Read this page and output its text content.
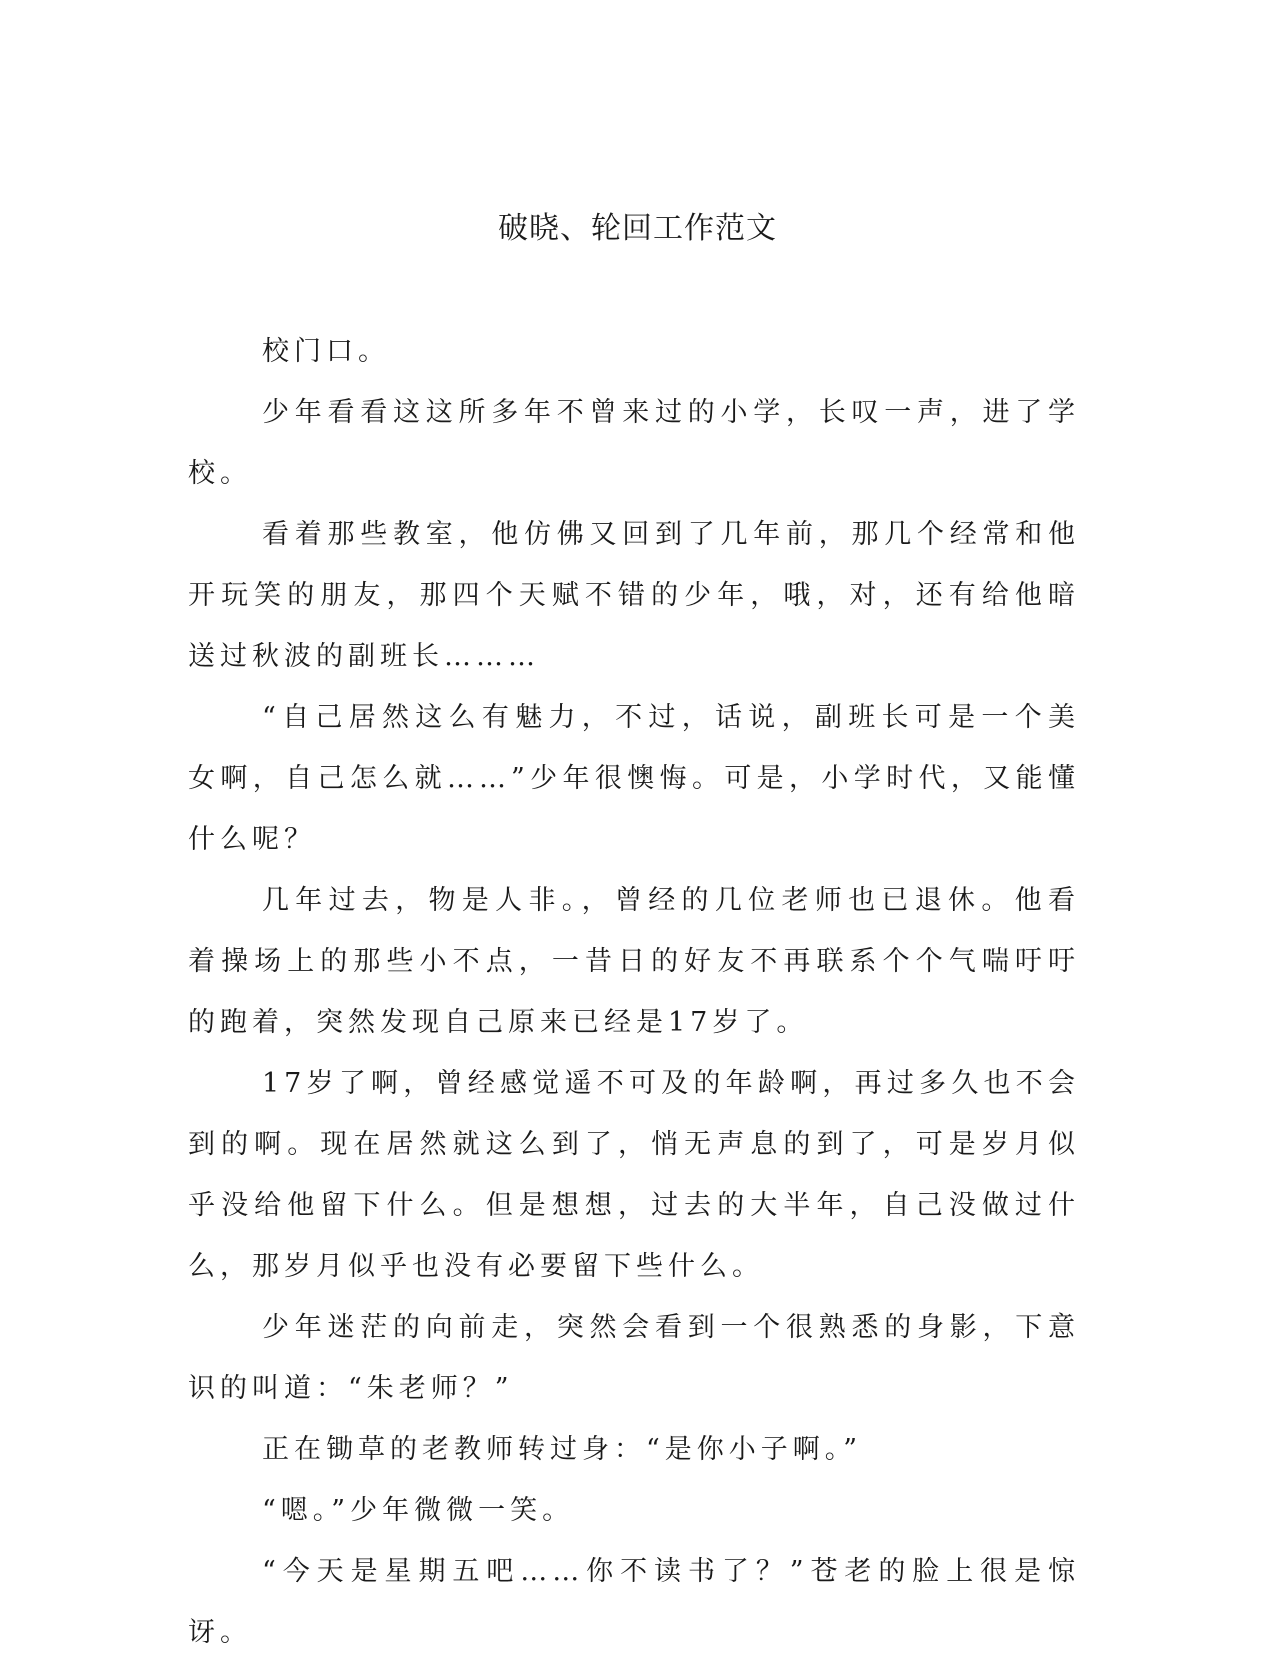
破晓、轮回工作范文

校门口。

少年看看这这所多年不曾来过的小学，长叹一声，进了学校。

看着那些教室，他仿佛又回到了几年前，那几个经常和他开玩笑的朋友，那四个天赋不错的少年，哦，对，还有给他暗送过秋波的副班长………

“自己居然这么有魅力，不过，话说，副班长可是一个美女啊，自己怎么就……”少年很懊悔。可是，小学时代，又能懂什么呢？

几年过去，物是人非。，曾经的几位老师也已退休。他看着操场上的那些小不点，一昔日的好友不再联系个个气喘吁吁的跑着，突然发现自己原来已经是17岁了。

17岁了啊，曾经感觉遥不可及的年龄啊，再过多久也不会到的啊。现在居然就这么到了，悄无声息的到了，可是岁月似乎没给他留下什么。但是想想，过去的大半年，自己没做过什么，那岁月似乎也没有必要留下些什么。

少年迷茫的向前走，突然会看到一个很熟悉的身影，下意识的叫道：“朱老师？”

正在锄草的老教师转过身：“是你小子啊。”

“嗯。”少年微微一笑。

“今天是星期五吧……你不读书了？”苍老的脸上很是惊讶。
